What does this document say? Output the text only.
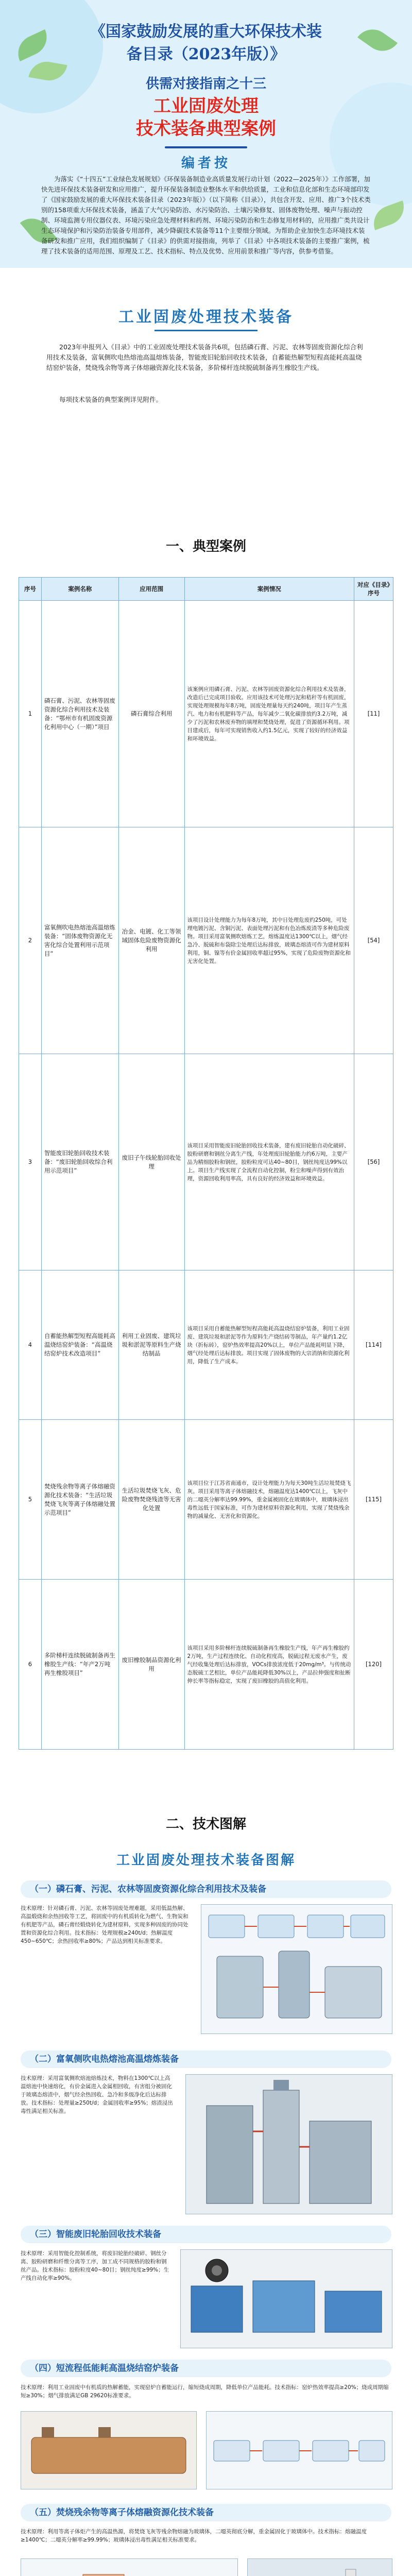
《国家鼓励发展的重大环保技术装
备目录（2023年版）》
供需对接指南之十三
工业固废处理
技术装备典型案例
编者按
为落实《“十四五”工业绿色发展规划》《环保装备制造业高质量发展行动计划（2022—2025年）》工作部署，加快先进环保技术装备研发和应用推广，提升环保装备制造业整体水平和供给质量，工业和信息化部和生态环境部印发了《国家鼓励发展的重大环保技术装备目录（2023年版）》（以下简称《目录》），共包含开发、应用、推广3个技术类别的158项重大环保技术装备，涵盖了大气污染防治、水污染防治、土壤污染修复、固体废物处理、噪声与振动控制、环境监测专用仪器仪表、环境污染应急处理材料和药剂、环境污染防治和生态修复用材料的，应用推广类共设计生态环境保护和污染防治装备专用部件，减少降碳技术装备等11个主要细分领域。为帮助企业加快生态环境技术装备研发和推广应用，我们组织编制了《目录》的供需对接指南，列举了《目录》中各项技术装备的主要推广案例，梳理了技术装备的适用范围、原理及工艺、技术指标、特点及优势、应用前景和推广等内容，供参考借鉴。
工业固废处理技术装备
2023年申报列入《目录》中的工业固废处理技术装备共6项，包括磷石膏、污泥、农林等固废资源化综合利用技术及装备，富氧侧吹电热熔池高温熔炼装备，智能废旧轮胎回收技术装备，自蓄能热解型短程高能耗高温烧结窑炉装备，焚烧残余物等离子体熔融资源化技术装备，多阶梯杆连续脱硫制备再生橡胶生产线。
每项技术装备的典型案例详见附件。
一、典型案例
序号	案例名称	应用范围	案例情况	对应《目录》序号
1	磷石膏、污泥、农林等固废资源化综合利用技术及装备：“鄂州市有机固废资源化利用中心（一期）”项目	磷石膏综合利用	该案例应用磷石膏、污泥、农林等固废资源化综合利用技术及装备，改造后已完成项目验收。应用该技术可处理污泥和秸秆等有机固废，实现处理规模每年8万吨，固废处理量每天约240吨，项目年产生蒸汽、电力和有机肥料等产品，每年减少二氧化碳排放约3.2万吨，减少了污泥和农林废弃物的填埋和焚烧处理，促进了资源循环利用。项目建成后，每年可实现销售收入约1.5亿元，实现了较好的经济效益和环境效益。	[11]
2	富氧侧吹电热熔池高温熔炼装备：“固体废物资源化无害化综合处置利用示范项目”	冶金、电镀、化工等领域固体危险废物资源化利用	该项目设计处理能力为每年8万吨，其中日处理危废约250吨，可处理电镀污泥、含铜污泥、表面处理污泥和有色冶炼废渣等多种危险废物。项目采用富氧侧吹熔炼工艺，熔炼温度达1300℃以上，烟气经急冷、脱硫和布袋除尘处理后达标排放，玻璃态熔渣可作为建材原料利用，铜、镍等有价金属回收率超过95%，实现了危险废物资源化和无害化处置。	[54]
3	智能废旧轮胎回收技术装备：“废旧轮胎回收综合利用示范项目”	废旧子午线轮胎回收处理	该项目采用智能废旧轮胎回收技术装备，建有废旧轮胎自动化破碎、胶粉研磨和钢丝分离生产线，年处理废旧轮胎能力约6万吨，主要产品为精细胶粉和钢丝，胶粉粒度可达40~80目，钢丝纯度达99%以上。项目生产线实现了全流程自动化控制，粉尘和噪声得到有效治理，资源回收利用率高，具有良好的经济效益和环境效益。	[56]
4	自蓄能热解型短程高能耗高温烧结窑炉装备：“高温烧结窑炉技术改造项目”	利用工业固废、建筑垃圾和淤泥等原料生产烧结制品	该项目采用自蓄能热解型短程高能耗高温烧结窑炉装备，利用工业固废、建筑垃圾和淤泥等作为原料生产烧结砖等制品，年产量约1.2亿块（折标砖），窑炉热效率提高20%以上，单位产品能耗明显下降，烟气经处理后达标排放。项目实现了固体废物的大宗消纳和资源化利用，降低了生产成本。	[114]
5	焚烧残余物等离子体熔融资源化技术装备：“生活垃圾焚烧飞灰等离子体熔融处置示范项目”	生活垃圾焚烧飞灰、危险废物焚烧残渣等无害化处置	该项目位于江苏省南通市，设计处理能力为每天30吨生活垃圾焚烧飞灰。项目采用等离子体熔融技术，熔融温度达1400℃以上，飞灰中的二噁英分解率达99.99%，重金属被固化在玻璃体中，玻璃体浸出毒性远低于国家标准，可作为建材原料资源化利用，实现了焚烧残余物的减量化、无害化和资源化。	[115]
6	多阶梯杆连续脱硫制备再生橡胶生产线：“年产2万吨再生橡胶项目”	废旧橡胶制品资源化利用	该项目采用多阶梯杆连续脱硫制备再生橡胶生产线，年产再生橡胶约2万吨，生产过程连续化、自动化程度高，脱硫过程无废水产生，废气经收集处理后达标排放，VOCs排放浓度低于20mg/m³。与传统动态脱硫工艺相比，单位产品能耗降低30%以上，产品拉伸强度和扯断伸长率等指标稳定，实现了废旧橡胶的高值化利用。	[120]
二、技术图解
工业固废处理技术装备图解
（一）磷石膏、污泥、农林等固废资源化综合利用技术及装备
技术原理：针对磷石膏、污泥、农林等固废处理难题，采用低温热解、高温煅烧和余热回收等工艺，将固废中的有机质转化为燃气、生物炭和有机肥等产品，磷石膏经煅烧转化为建材原料，实现多种固废的协同处置和资源化综合利用。技术指标：处理规模≥240t/d；热解温度450~650℃；余热回收率≥80%；产品达到相关标准要求。
（二）富氧侧吹电热熔池高温熔炼装备
技术原理：采用富氧侧吹熔池熔炼技术，物料在1300℃以上高温熔池中快速熔化，有价金属进入金属相回收，有害组分被固化于玻璃态熔渣中，烟气经余热回收、急冷和多级净化后达标排放。技术指标：处理量≥250t/d；金属回收率≥95%；熔渣浸出毒性满足相关标准。
（三）智能废旧轮胎回收技术装备
技术原理：采用智能化控制系统，将废旧轮胎经破碎、钢丝分离、胶粉研磨和纤维分离等工序，加工成不同规格的胶粉和钢丝产品。技术指标：胶粉粒度40~80目；钢丝纯度≥99%；生产线自动化率≥90%。
（四）短流程低能耗高温烧结窑炉装备
技术原理：利用工业固废中有机质的热解蓄能，实现窑炉自蓄能运行，缩短烧成周期，降低单位产品能耗。技术指标：窑炉热效率提高≥20%；烧成周期缩短≥30%；烟气排放满足GB 29620标准要求。
（五）焚烧残余物等离子体熔融资源化技术装备
技术原理：利用等离子体炬产生的高温热源，将焚烧飞灰等残余物熔融为玻璃体，二噁英彻底分解，重金属固化于玻璃体中。技术指标：熔融温度≥1400℃；二噁英分解率≥99.99%；玻璃体浸出毒性满足相关标准要求。
